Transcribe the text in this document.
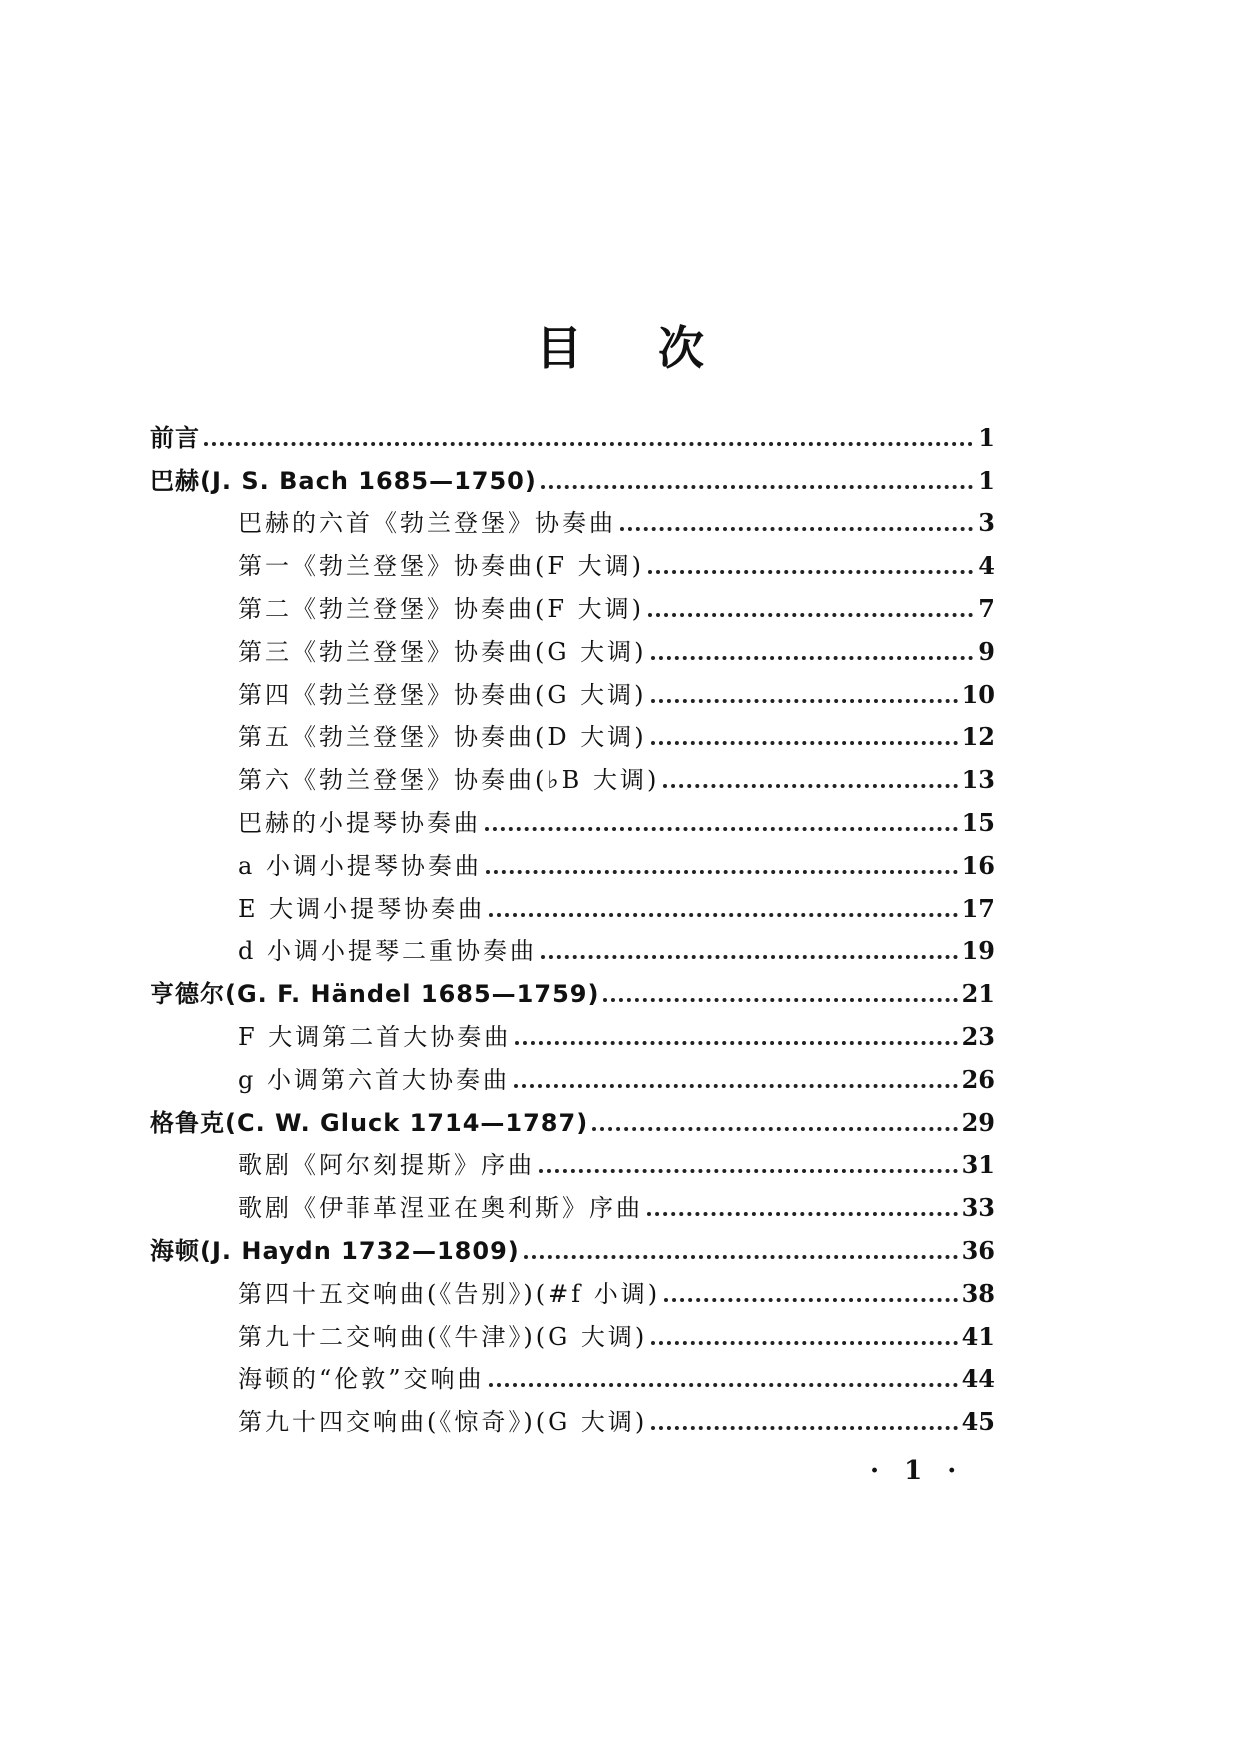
目 次
前言	1
巴赫(J. S. Bach 1685—1750)	1
巴赫的六首《勃兰登堡》协奏曲	3
第一《勃兰登堡》协奏曲(F 大调)	4
第二《勃兰登堡》协奏曲(F 大调)	7
第三《勃兰登堡》协奏曲(G 大调)	9
第四《勃兰登堡》协奏曲(G 大调)	10
第五《勃兰登堡》协奏曲(D 大调)	12
第六《勃兰登堡》协奏曲(♭B 大调)	13
巴赫的小提琴协奏曲	15
a 小调小提琴协奏曲	16
E 大调小提琴协奏曲	17
d 小调小提琴二重协奏曲	19
亨德尔(G. F. Händel 1685—1759)	21
F 大调第二首大协奏曲	23
g 小调第六首大协奏曲	26
格鲁克(C. W. Gluck 1714—1787)	29
歌剧《阿尔刻提斯》序曲	31
歌剧《伊菲革涅亚在奥利斯》序曲	33
海顿(J. Haydn 1732—1809)	36
第四十五交响曲(《告别》)(#f 小调)	38
第九十二交响曲(《牛津》)(G 大调)	41
海顿的“伦敦”交响曲	44
第九十四交响曲(《惊奇》)(G 大调)	45
· 1 ·
